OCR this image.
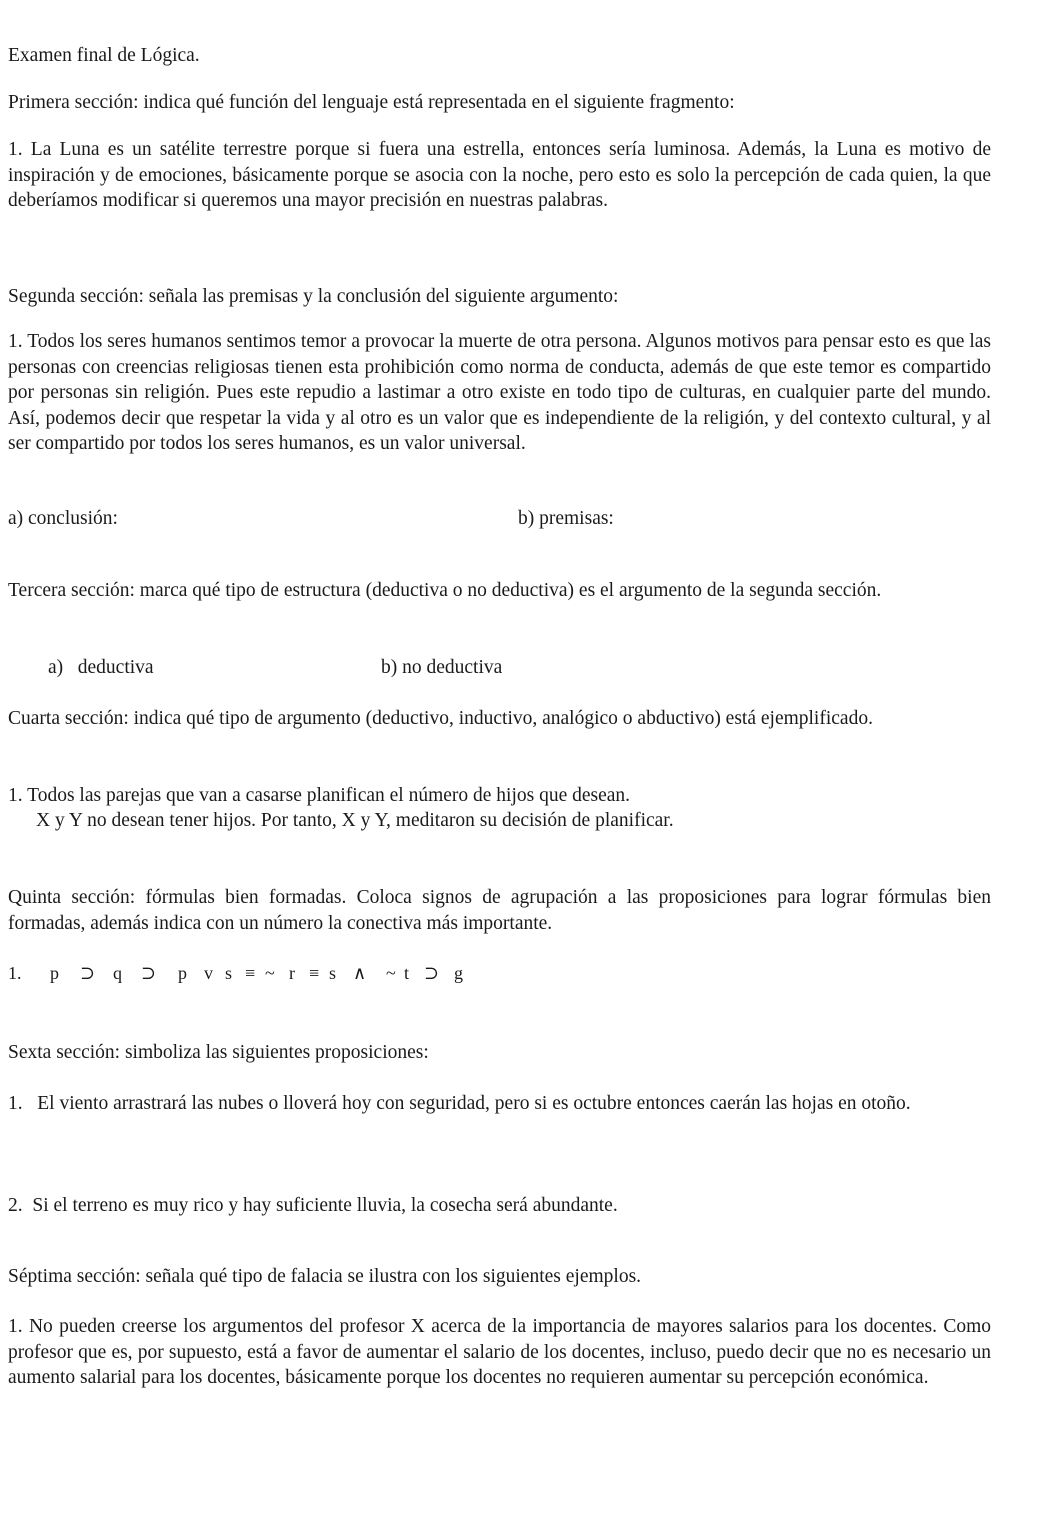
Examen final de Lógica.
Primera sección: indica qué función del lenguaje está representada en el siguiente fragmento:
1. La Luna es un satélite terrestre porque si fuera una estrella, entonces sería luminosa. Además, la Luna es motivo de inspiración y de emociones, básicamente porque se asocia con la noche, pero esto es solo la percepción de cada quien, la que deberíamos modificar si queremos una mayor precisión en nuestras palabras.
Segunda sección: señala las premisas y la conclusión del siguiente argumento:
1. Todos los seres humanos sentimos temor a provocar la muerte de otra persona. Algunos motivos para pensar esto es que las personas con creencias religiosas tienen esta prohibición como norma de conducta, además de que este temor es compartido por personas sin religión. Pues este repudio a lastimar a otro existe en todo tipo de culturas, en cualquier parte del mundo. Así, podemos decir que respetar la vida y al otro es un valor que es independiente de la religión, y del contexto cultural, y al ser compartido por todos los seres humanos, es un valor universal.
a) conclusión:	b) premisas:
Tercera sección: marca qué tipo de estructura (deductiva o no deductiva) es el argumento de la segunda sección.
a)   deductiva	b) no deductiva
Cuarta sección: indica qué tipo de argumento (deductivo, inductivo, analógico o abductivo) está ejemplificado.
1. Todos las parejas que van a casarse planifican el número de hijos que desean.
X y Y no desean tener hijos. Por tanto, X y Y, meditaron su decisión de planificar.
Quinta sección: fórmulas bien formadas. Coloca signos de agrupación a las proposiciones para lograr fórmulas bien formadas, además indica con un número la conectiva más importante.
1. p ⊃ q ⊃ p v s ≡ ~ r ≡ s ∧ ~ t ⊃ g
Sexta sección: simboliza las siguientes proposiciones:
1.   El viento arrastrará las nubes o lloverá hoy con seguridad, pero si es octubre entonces caerán las hojas en otoño.
2.  Si el terreno es muy rico y hay suficiente lluvia, la cosecha será abundante.
Séptima sección: señala qué tipo de falacia se ilustra con los siguientes ejemplos.
1. No pueden creerse los argumentos del profesor X acerca de la importancia de mayores salarios para los docentes. Como profesor que es, por supuesto, está a favor de aumentar el salario de los docentes, incluso, puedo decir que no es necesario un aumento salarial para los docentes, básicamente porque los docentes no requieren aumentar su percepción económica.
